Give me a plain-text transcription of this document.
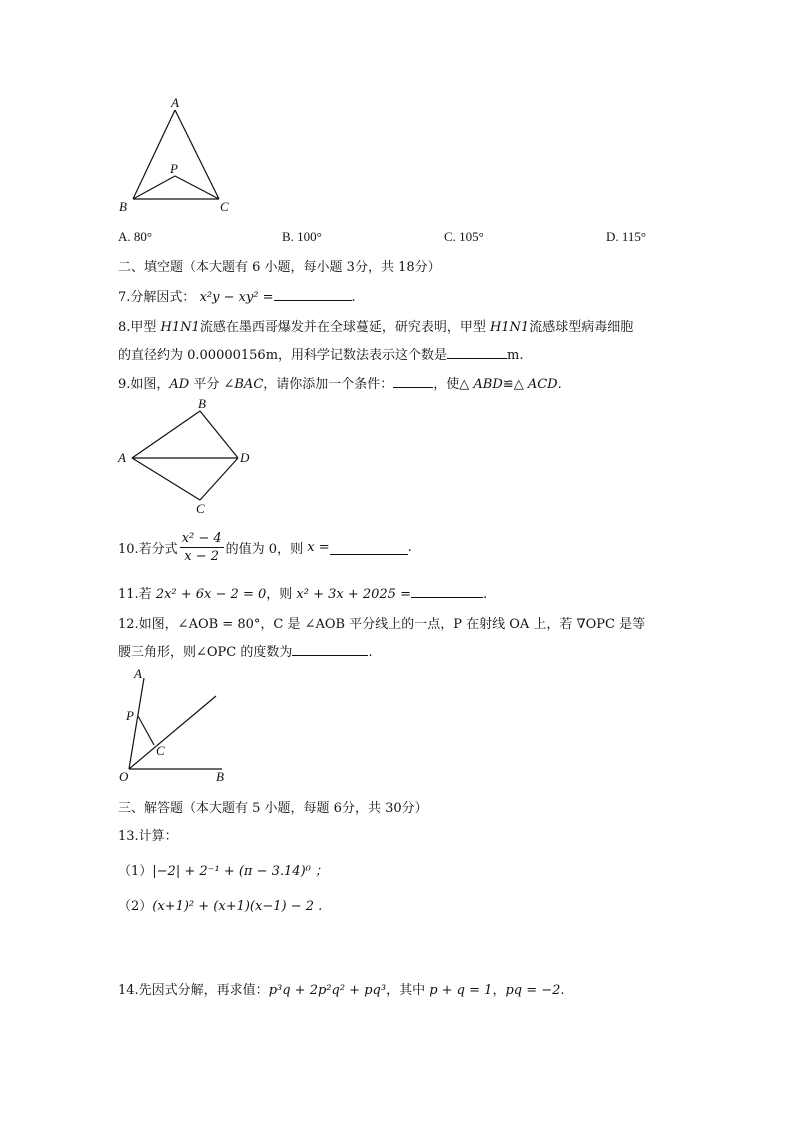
A
B	C
P
A. 80°	B. 100°	C. 105°	D. 115°
二、填空题（本大题有 6 小题，每小题 3分，共 18分）
7.分解因式： x²y − xy² =	.
8.甲型 H1N1流感在墨西哥爆发并在全球蔓延，研究表明，甲型 H1N1流感球型病毒细胞
的直径约为 0.00000156m，用科学记数法表示这个数是	m.
9.如图，AD 平分 ∠BAC，请你添加一个条件：	，使△ ABD≌△ ACD.
B
A	D
C
10.若分式 $\frac{\text{x² − 4}}{x - 2}$ 的值为 0，则 x =	.
11.若 2x² + 6x − 2 = 0，则 x² + 3x + 2025 =	.
12.如图，∠AOB = 80°，C 是 ∠AOB 平分线上的一点，P 在射线 OA 上，若 ∇OPC 是等
腰三角形，则∠OPC 的度数为	.
A
P
C
O	B
三、解答题（本大题有 5 小题，每题 6分，共 30分）
13.计算：
（1）|−2| + 2⁻¹ + (π − 3.14)⁰ ；
（2）(x+1)² + (x+1)(x−1) − 2 .
14.先因式分解，再求值：p³q + 2p²q² + pq³，其中 p + q = 1，pq = −2.
